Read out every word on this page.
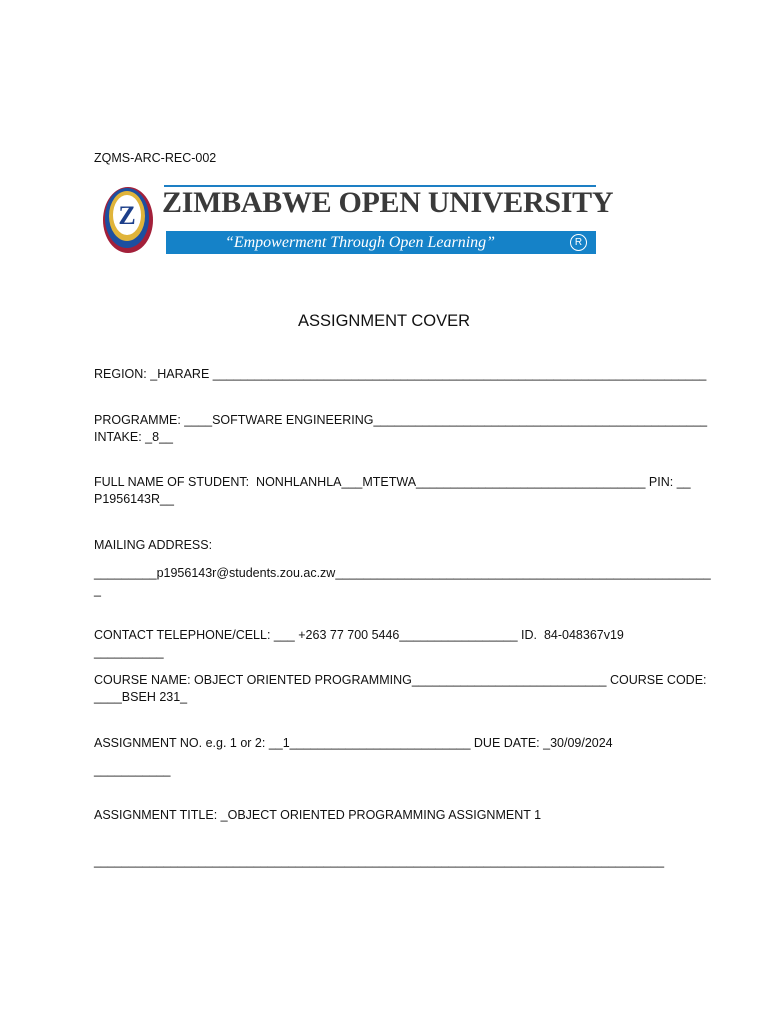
ZQMS-ARC-REC-002

Z ZIMBABWE OPEN UNIVERSITY
“Empowerment Through Open Learning”	R
ASSIGNMENT COVER

REGION: _HARARE _______________________________________________________________________

PROGRAMME: ____SOFTWARE ENGINEERING________________________________________________

INTAKE: _8__

FULL NAME OF STUDENT:  NONHLANHLA___MTETWA_________________________________ PIN: __

P1956143R__

MAILING ADDRESS:

_________p1956143r@students.zou.ac.zw______________________________________________________

_

CONTACT TELEPHONE/CELL: ___ +263 77 700 5446_________________ ID.  84-048367v19

__________

COURSE NAME: OBJECT ORIENTED PROGRAMMING____________________________ COURSE CODE:

____BSEH 231_

ASSIGNMENT NO. e.g. 1 or 2: __1__________________________ DUE DATE: _30/09/2024

___________

ASSIGNMENT TITLE: _OBJECT ORIENTED PROGRAMMING ASSIGNMENT 1

__________________________________________________________________________________
